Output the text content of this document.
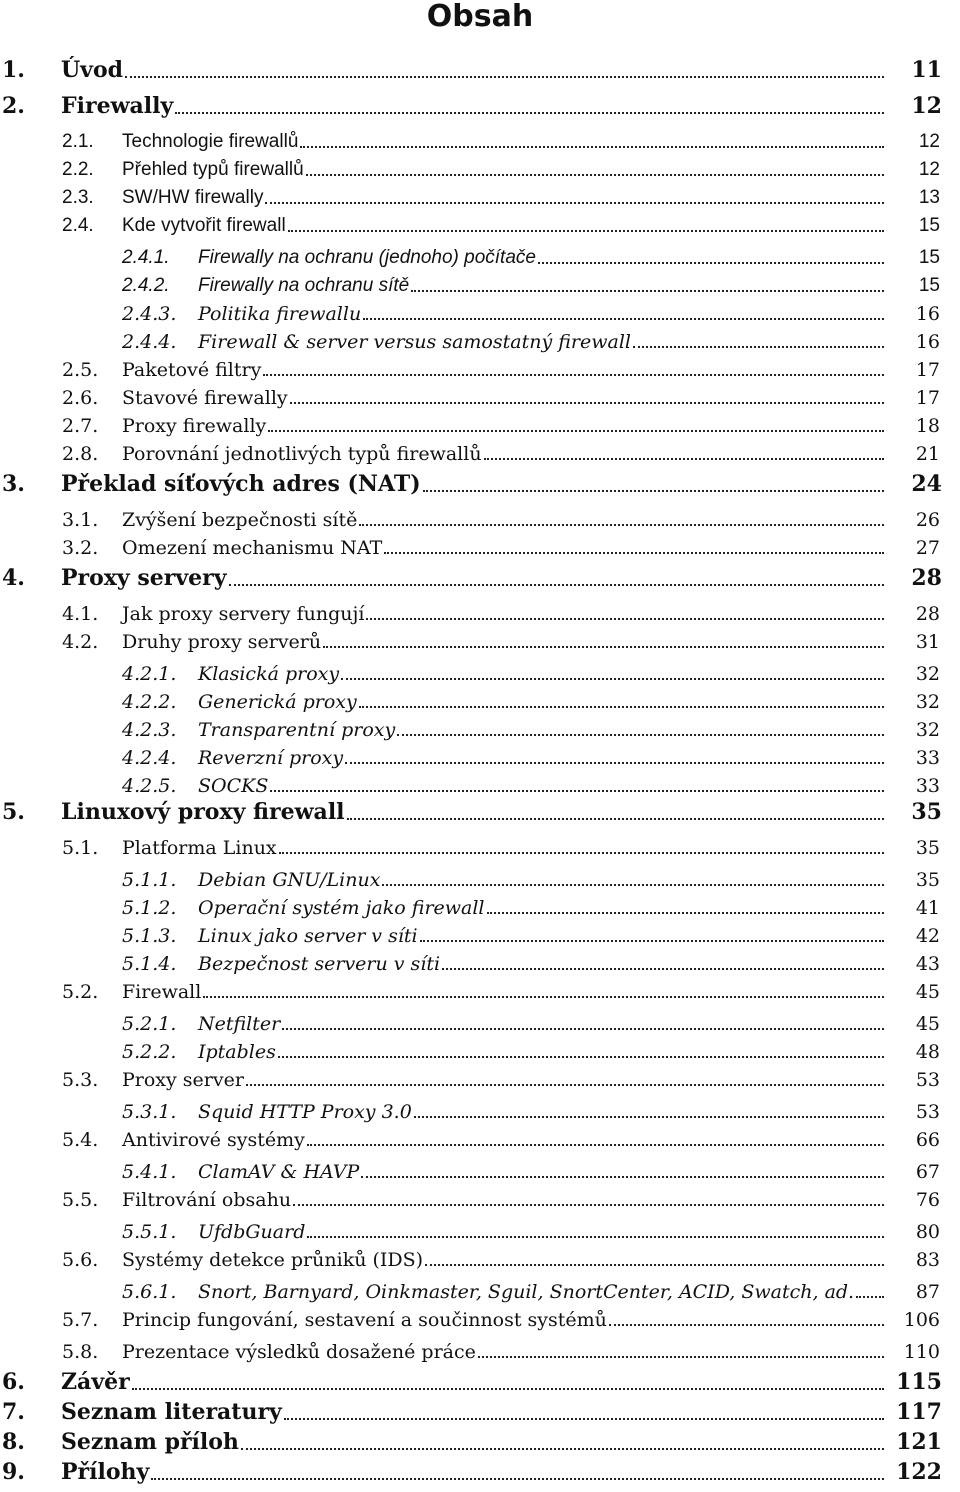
Obsah
1. Úvod	11
2. Firewally	12
2.1. Technologie firewallů	12
2.2. Přehled typů firewallů	12
2.3. SW/HW firewally	13
2.4. Kde vytvořit firewall	15
2.4.1. Firewally na ochranu (jednoho) počítače	15
2.4.2. Firewally na ochranu sítě	15
2.4.3. Politika firewallu	16
2.4.4. Firewall & server versus samostatný firewall	16
2.5. Paketové filtry	17
2.6. Stavové firewally	17
2.7. Proxy firewally	18
2.8. Porovnání jednotlivých typů firewallů	21
3. Překlad síťových adres (NAT)	24
3.1. Zvýšení bezpečnosti sítě	26
3.2. Omezení mechanismu NAT	27
4. Proxy servery	28
4.1. Jak proxy servery fungují	28
4.2. Druhy proxy serverů	31
4.2.1. Klasická proxy	32
4.2.2. Generická proxy	32
4.2.3. Transparentní proxy	32
4.2.4. Reverzní proxy	33
4.2.5. SOCKS	33
5. Linuxový proxy firewall	35
5.1. Platforma Linux	35
5.1.1. Debian GNU/Linux	35
5.1.2. Operační systém jako firewall	41
5.1.3. Linux jako server v síti	42
5.1.4. Bezpečnost serveru v síti	43
5.2. Firewall	45
5.2.1. Netfilter	45
5.2.2. Iptables	48
5.3. Proxy server	53
5.3.1. Squid HTTP Proxy 3.0	53
5.4. Antivirové systémy	66
5.4.1. ClamAV & HAVP	67
5.5. Filtrování obsahu	76
5.5.1. UfdbGuard	80
5.6. Systémy detekce průniků (IDS)	83
5.6.1. Snort, Barnyard, Oinkmaster, Sguil, SnortCenter, ACID, Swatch, ad.	87
5.7. Princip fungování, sestavení a součinnost systémů	106
5.8. Prezentace výsledků dosažené práce	110
6. Závěr	115
7. Seznam literatury	117
8. Seznam příloh	121
9. Přílohy	122
